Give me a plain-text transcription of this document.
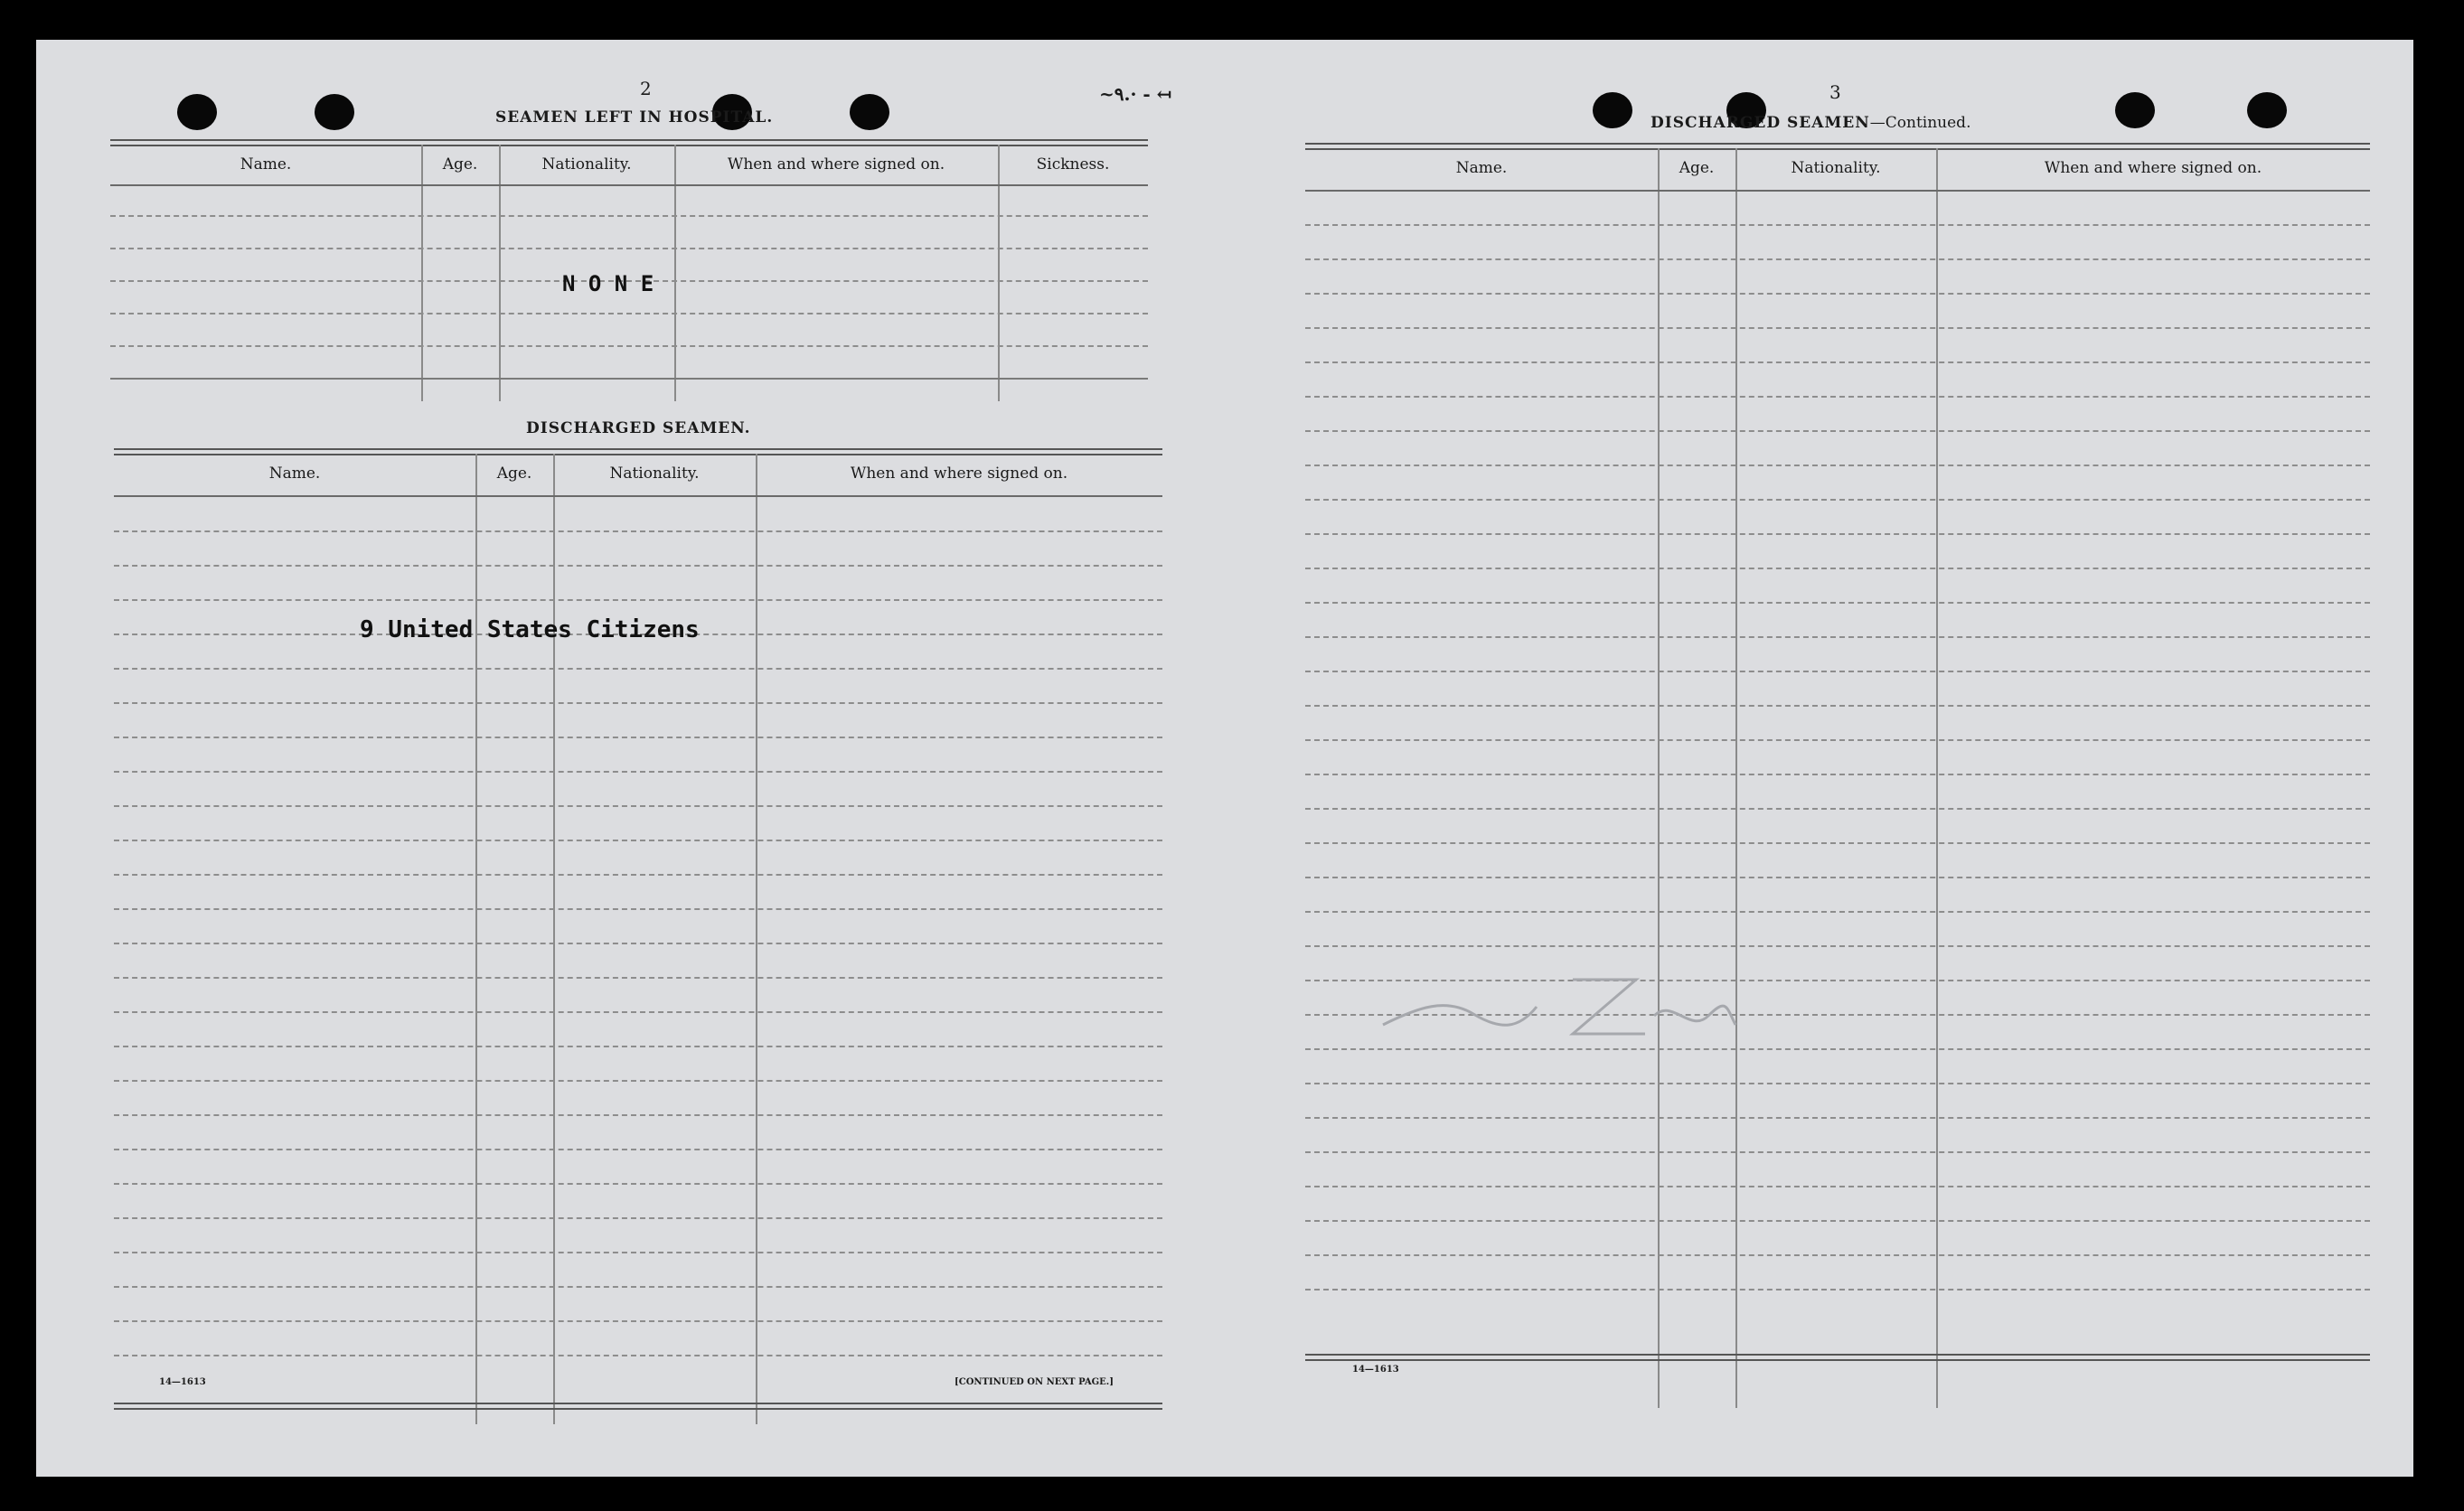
~٩.· - ↤
2
SEAMEN LEFT IN HOSPITAL.
Name.	Age.	Nationality.	When and where signed on.	Sickness.
N O N E
DISCHARGED SEAMEN.
Name.	Age.	Nationality.	When and where signed on.
9 United States Citizens
14—1613	[CONTINUED ON NEXT PAGE.]
3
DISCHARGED SEAMEN—Continued.
Name.	Age.	Nationality.	When and where signed on.
14—1613
